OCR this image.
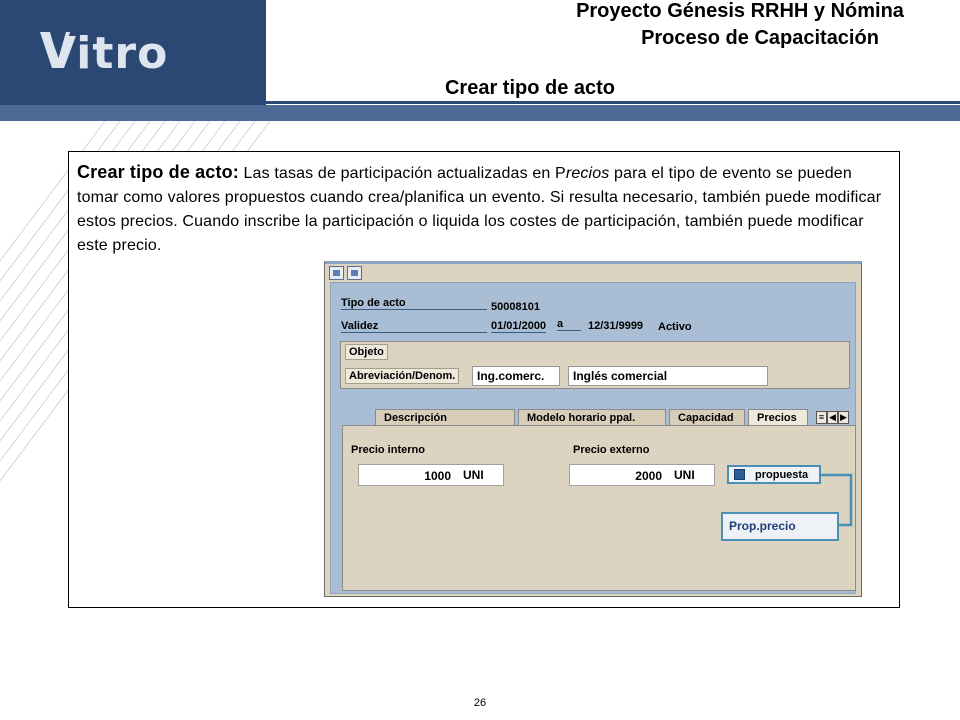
Vitro
Proyecto Génesis RRHH y Nómina
Proceso de Capacitación
Crear tipo de acto

Crear tipo de acto: Las tasas de participación actualizadas en Precios para el tipo de evento se pueden tomar como valores propuestos cuando crea/planifica un evento. Si resulta necesario, también puede modificar estos precios. Cuando inscribe la participación o liquida los costes de participación, también puede modificar este precio.

Tipo de acto	50008101
Validez	01/01/2000 a	12/31/9999 Activo
Objeto
Abreviación/Denom.	Ing.comerc.	Inglés comercial
Descripción	Modelo horario ppal.	Capacidad	Precios	≡ ◀ ▶
Precio interno
1000 UNI
Precio externo
2000 UNI	propuesta
Prop.precio
26
